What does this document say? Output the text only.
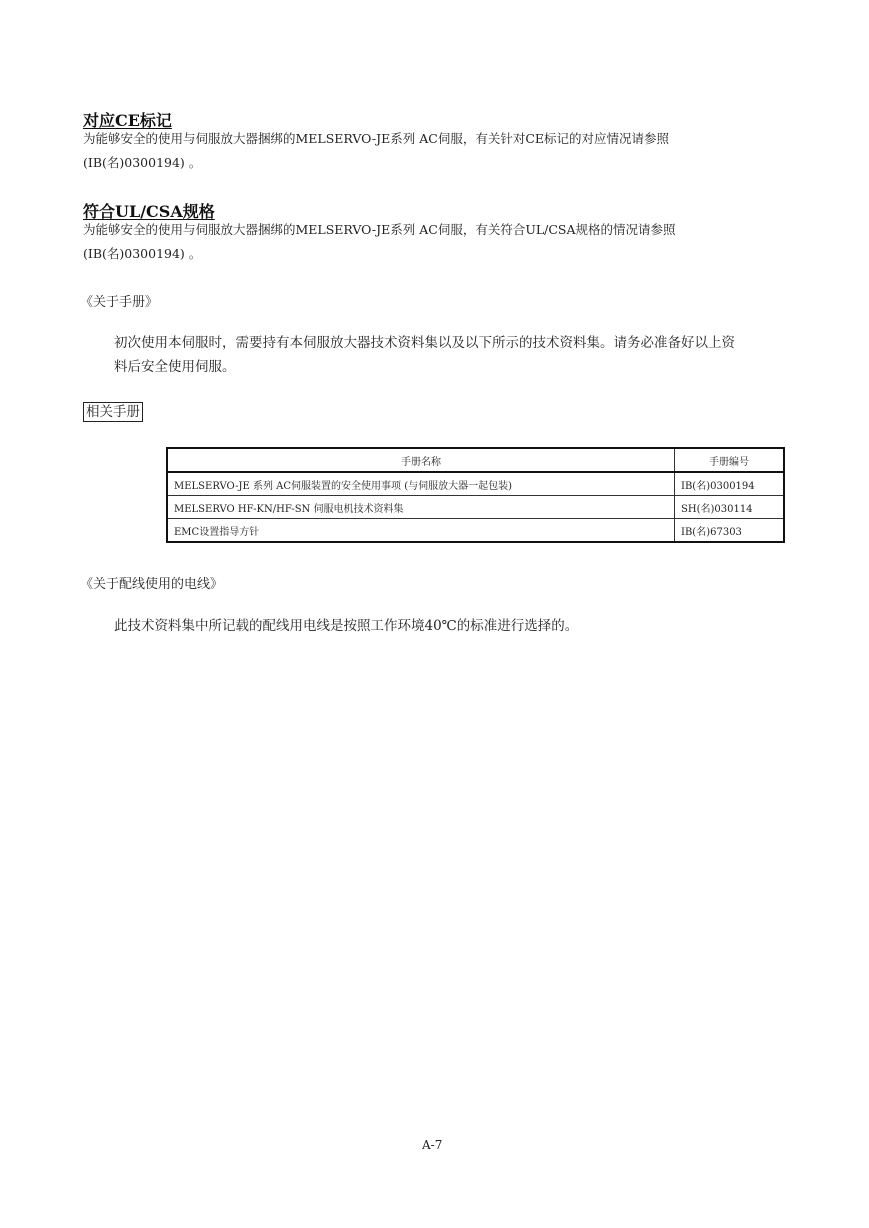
对应CE标记
为能够安全的使用与伺服放大器捆绑的MELSERVO-JE系列 AC伺服，有关针对CE标记的对应情况请参照
(IB(名)0300194) 。
符合UL/CSA规格
为能够安全的使用与伺服放大器捆绑的MELSERVO-JE系列 AC伺服，有关符合UL/CSA规格的情况请参照
(IB(名)0300194) 。
《关于手册》
初次使用本伺服时，需要持有本伺服放大器技术资料集以及以下所示的技术资料集。请务必准备好以上资
料后安全使用伺服。
相关手册
手册名称	手册编号
MELSERVO-JE 系列 AC伺服装置的安全使用事项 (与伺服放大器一起包装)	IB(名)0300194
MELSERVO HF-KN/HF-SN 伺服电机技术资料集	SH(名)030114
EMC设置指导方针	IB(名)67303
《关于配线使用的电线》
此技术资料集中所记载的配线用电线是按照工作环境40℃的标准进行选择的。
A-7
